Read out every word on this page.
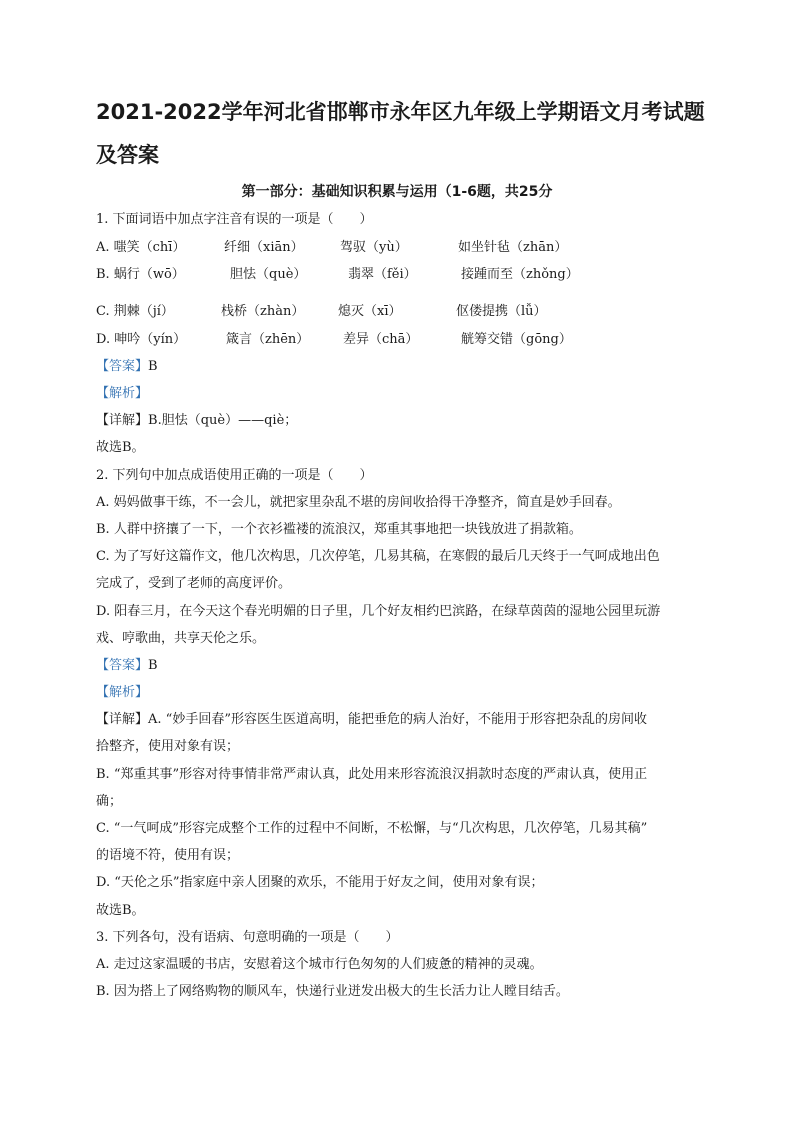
2021-2022学年河北省邯郸市永年区九年级上学期语文月考试题
及答案
第一部分：基础知识积累与运用（1-6题，共25分
1. 下面词语中加点字注音有误的一项是（　　）
A. 嗤笑（chī）	纤细（xiān）	驾驭（yù）	如坐针毡（zhān）
B. 蜗行（wō）	胆怯（què）	翡翠（fěi）	接踵而至（zhǒng）
C. 荆棘（jí）	栈桥（zhàn）	熄灭（xī）	伛偻提携（lǚ）
D. 呻吟（yín）	箴言（zhēn）	差异（chā）	觥筹交错（gōng）
【答案】B
【解析】
【详解】B.胆怯（què）——qiè；
故选B。
2. 下列句中加点成语使用正确的一项是（　　）
A. 妈妈做事干练，不一会儿，就把家里杂乱不堪的房间收拾得干净整齐，简直是妙手回春。
B. 人群中挤攘了一下，一个衣衫褴褛的流浪汉，郑重其事地把一块钱放进了捐款箱。
C. 为了写好这篇作文，他几次构思，几次停笔，几易其稿，在寒假的最后几天终于一气呵成地出色
完成了，受到了老师的高度评价。
D. 阳春三月，在今天这个春光明媚的日子里，几个好友相约巴滨路，在绿草茵茵的湿地公园里玩游
戏、哼歌曲，共享天伦之乐。
【答案】B
【解析】
【详解】A. “妙手回春”形容医生医道高明，能把垂危的病人治好，不能用于形容把杂乱的房间收
拾整齐，使用对象有误；
B. “郑重其事”形容对待事情非常严肃认真，此处用来形容流浪汉捐款时态度的严肃认真，使用正
确；
C. “一气呵成”形容完成整个工作的过程中不间断，不松懈，与“几次构思，几次停笔，几易其稿”
的语境不符，使用有误；
D. “天伦之乐”指家庭中亲人团聚的欢乐，不能用于好友之间，使用对象有误；
故选B。
3. 下列各句，没有语病、句意明确的一项是（　　）
A. 走过这家温暖的书店，安慰着这个城市行色匆匆的人们疲惫的精神的灵魂。
B. 因为搭上了网络购物的顺风车，快递行业迸发出极大的生长活力让人瞠目结舌。
